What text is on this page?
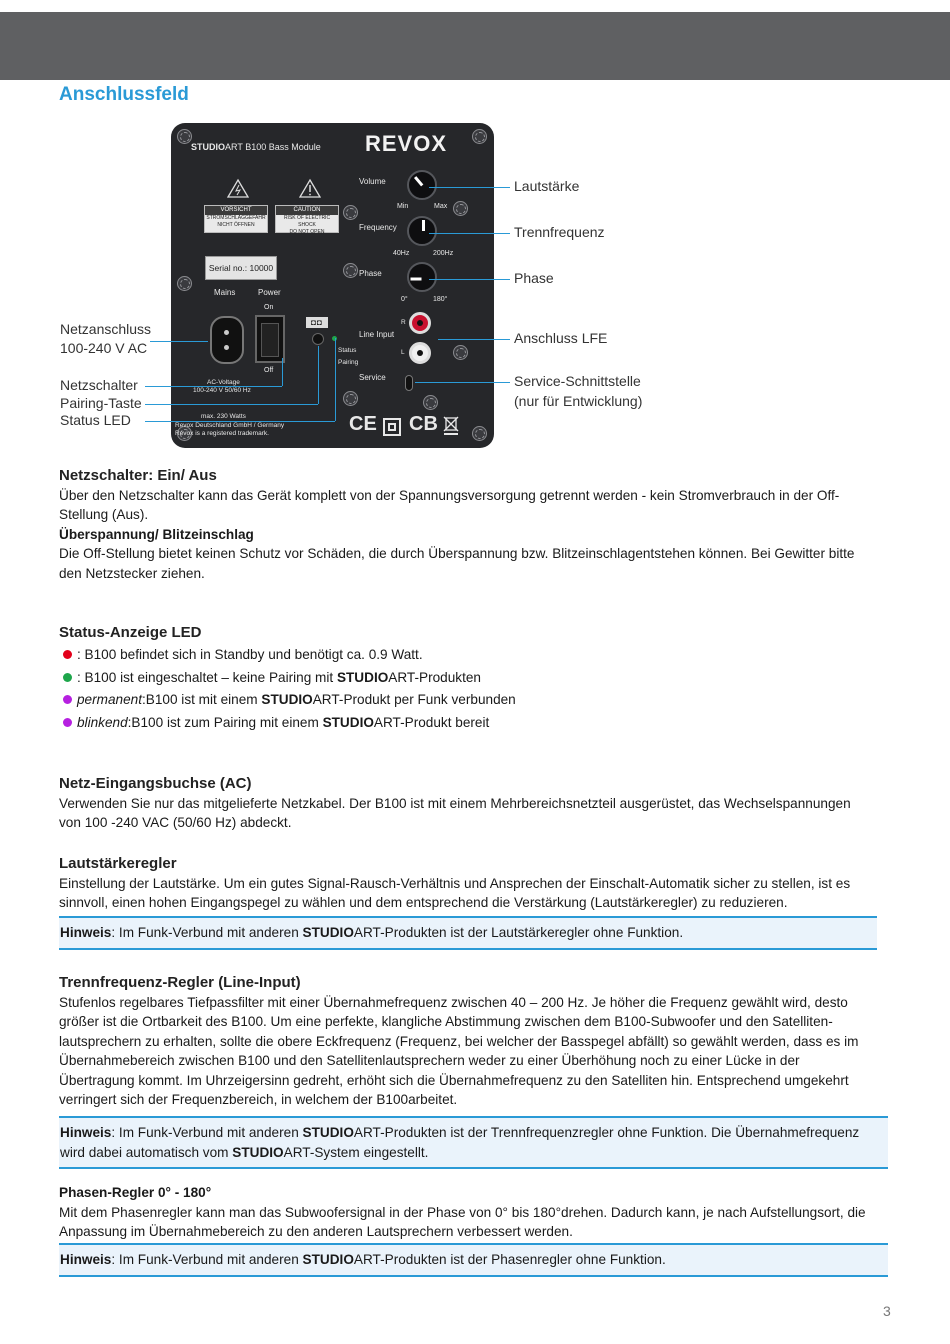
Anschlussfeld
STUDIOART B100 Bass Module REVOX
VORSICHT
STROMSCHLAGGEFAHR
NICHT ÖFFNEN
CAUTION
RISK OF ELECTRIC SHOCK
DO NOT OPEN
Serial no.: 10000
Mains	Power
On
Off
AC-Voltage
100-240 V 50/60 Hz
max. 230 Watts
Revox Deutschland GmbH / Germany
Revox is a registered trademark.
◘◘
Status
Pairing
Volume
Min	Max
Frequency
40Hz	200Hz
Phase
0°	180°
R
L
Line Input
Service
CE CB
Lautstärke
Trennfrequenz
Phase
Anschluss LFE
Service-Schnittstelle
(nur für Entwicklung)
Netzanschluss
100-240 V AC
Netzschalter
Pairing-Taste
Status LED
Netzschalter: Ein/ Aus
Über den Netzschalter kann das Gerät komplett von der Spannungsversorgung getrennt werden - kein Stromverbrauch in der Off-
Stellung (Aus).
Überspannung/ Blitzeinschlag
Die Off-Stellung bietet keinen Schutz vor Schäden, die durch Überspannung bzw. Blitzeinschlagentstehen können. Bei Gewitter bitte
den Netzstecker ziehen.
Status-Anzeige LED
: B100 befindet sich in Standby und benötigt ca. 0.9 Watt.
: B100 ist eingeschaltet – keine Pairing mit STUDIO ART-Produkten
permanent :B100 ist mit einem STUDIO ART-Produkt per Funk verbunden
blinkend :B100 ist zum Pairing mit einem STUDIO ART-Produkt bereit
Netz-Eingangsbuchse (AC)
Verwenden Sie nur das mitgelieferte Netzkabel. Der B100 ist mit einem Mehrbereichsnetzteil ausgerüstet, das Wechselspannungen
von 100 -240 VAC (50/60 Hz) abdeckt.
Lautstärkeregler
Einstellung der Lautstärke. Um ein gutes Signal-Rausch-Verhältnis und Ansprechen der Einschalt-Automatik sicher zu stellen, ist es
sinnvoll, einen hohen Eingangspegel zu wählen und dem entsprechend die Verstärkung (Lautstärkeregler) zu reduzieren.
Hinweis: Im Funk-Verbund mit anderen STUDIOART-Produkten ist der Lautstärkeregler ohne Funktion.
Trennfrequenz-Regler (Line-Input)
Stufenlos regelbares Tiefpassfilter mit einer Übernahmefrequenz zwischen 40 – 200 Hz. Je höher die Frequenz gewählt wird, desto
größer ist die Ortbarkeit des B100. Um eine perfekte, klangliche Abstimmung zwischen dem B100-Subwoofer und den Satelliten-
lautsprechern zu erhalten, sollte die obere Eckfrequenz (Frequenz, bei welcher der Basspegel abfällt) so gewählt werden, dass es im
Übernahmebereich zwischen B100 und den Satellitenlautsprechern weder zu einer Überhöhung noch zu einer Lücke in der
Übertragung kommt. Im Uhrzeigersinn gedreht, erhöht sich die Übernahmefrequenz zu den Satelliten hin. Entsprechend umgekehrt
verringert sich der Frequenzbereich, in welchem der B100arbeitet.
Hinweis: Im Funk-Verbund mit anderen STUDIOART-Produkten ist der Trennfrequenzregler ohne Funktion. Die Übernahmefrequenz
wird dabei automatisch vom STUDIOART-System eingestellt.
Phasen-Regler 0° - 180°
Mit dem Phasenregler kann man das Subwoofersignal in der Phase von 0° bis 180°drehen. Dadurch kann, je nach Aufstellungsort, die
Anpassung im Übernahmebereich zu den anderen Lautsprechern verbessert werden.
Hinweis: Im Funk-Verbund mit anderen STUDIOART-Produkten ist der Phasenregler ohne Funktion.
3
